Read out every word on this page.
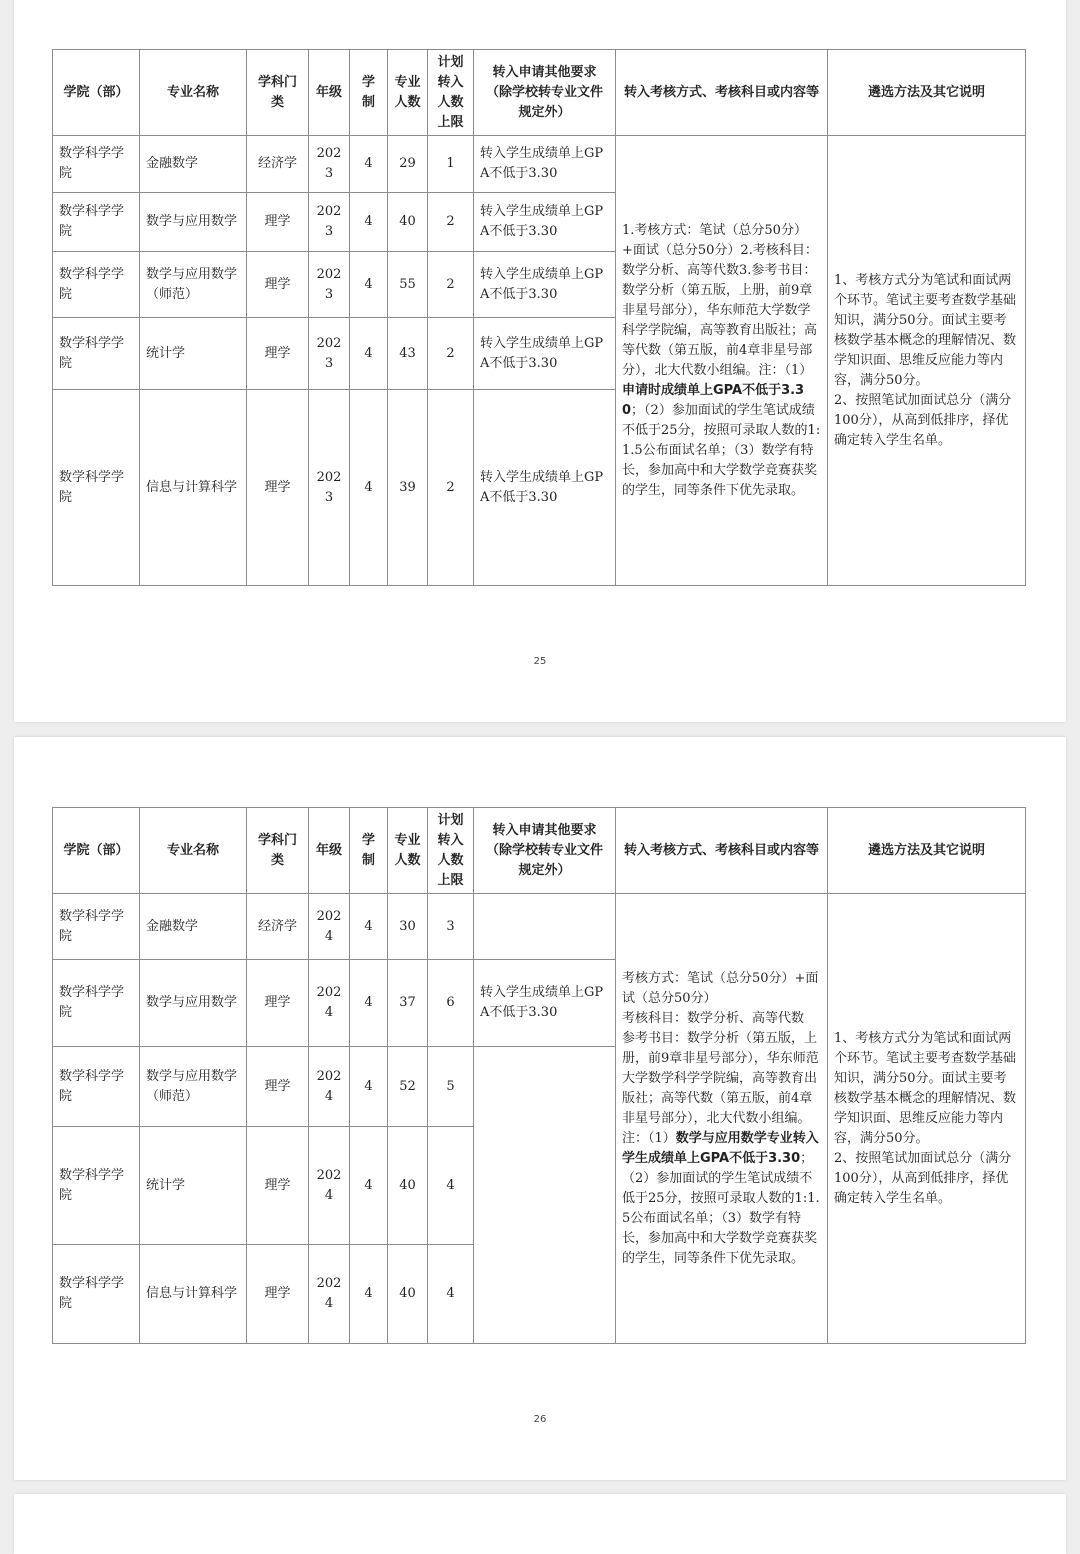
学院（部）	专业名称	学科门类	年级	学制	专业人数	计划转入人数上限	转入申请其他要求（除学校转专业文件规定外）	转入考核方式、考核科目或内容等	遴选方法及其它说明
数学科学学院	金融数学	经济学	2023	4	29	1	转入学生成绩单上GPA不低于3.30	1.考核方式：笔试（总分50分）+面试（总分50分）2.考核科目：数学分析、高等代数3.参考书目：数学分析（第五版，上册，前9章非星号部分），华东师范大学数学科学学院编，高等教育出版社；高等代数（第五版，前4章非星号部分），北大代数小组编。注：（1）申请时成绩单上GPA不低于3.30；（2）参加面试的学生笔试成绩不低于25分，按照可录取人数的1:1.5公布面试名单；（3）数学有特长，参加高中和大学数学竞赛获奖的学生，同等条件下优先录取。	1、考核方式分为笔试和面试两个环节。笔试主要考查数学基础知识，满分50分。面试主要考核数学基本概念的理解情况、数学知识面、思维反应能力等内容，满分50分。
2、按照笔试加面试总分（满分100分），从高到低排序，择优确定转入学生名单。
数学科学学院	数学与应用数学	理学	2023	4	40	2	转入学生成绩单上GPA不低于3.30		
数学科学学院	数学与应用数学（师范）	理学	2023	4	55	2	转入学生成绩单上GPA不低于3.30		
数学科学学院	统计学	理学	2023	4	43	2	转入学生成绩单上GPA不低于3.30		
数学科学学院	信息与计算科学	理学	2023	4	39	2	转入学生成绩单上GPA不低于3.30		
25
学院（部）	专业名称	学科门类	年级	学制	专业人数	计划转入人数上限	转入申请其他要求（除学校转专业文件规定外）	转入考核方式、考核科目或内容等	遴选方法及其它说明
数学科学学院	金融数学	经济学	2024	4	30	3		考核方式：笔试（总分50分）+面试（总分50分）
考核科目：数学分析、高等代数
参考书目：数学分析（第五版，上册，前9章非星号部分），华东师范大学数学科学学院编，高等教育出版社；高等代数（第五版，前4章非星号部分），北大代数小组编。
注：（1）数学与应用数学专业转入学生成绩单上GPA不低于3.30；（2）参加面试的学生笔试成绩不低于25分，按照可录取人数的1:1.5公布面试名单；（3）数学有特长，参加高中和大学数学竞赛获奖的学生，同等条件下优先录取。	1、考核方式分为笔试和面试两个环节。笔试主要考查数学基础知识，满分50分。面试主要考核数学基本概念的理解情况、数学知识面、思维反应能力等内容，满分50分。
2、按照笔试加面试总分（满分100分），从高到低排序，择优确定转入学生名单。
数学科学学院	数学与应用数学	理学	2024	4	37	6	转入学生成绩单上GPA不低于3.30		
数学科学学院	数学与应用数学（师范）	理学	2024	4	52	5			
数学科学学院	统计学	理学	2024	4	40	4			
数学科学学院	信息与计算科学	理学	2024	4	40	4			
26
